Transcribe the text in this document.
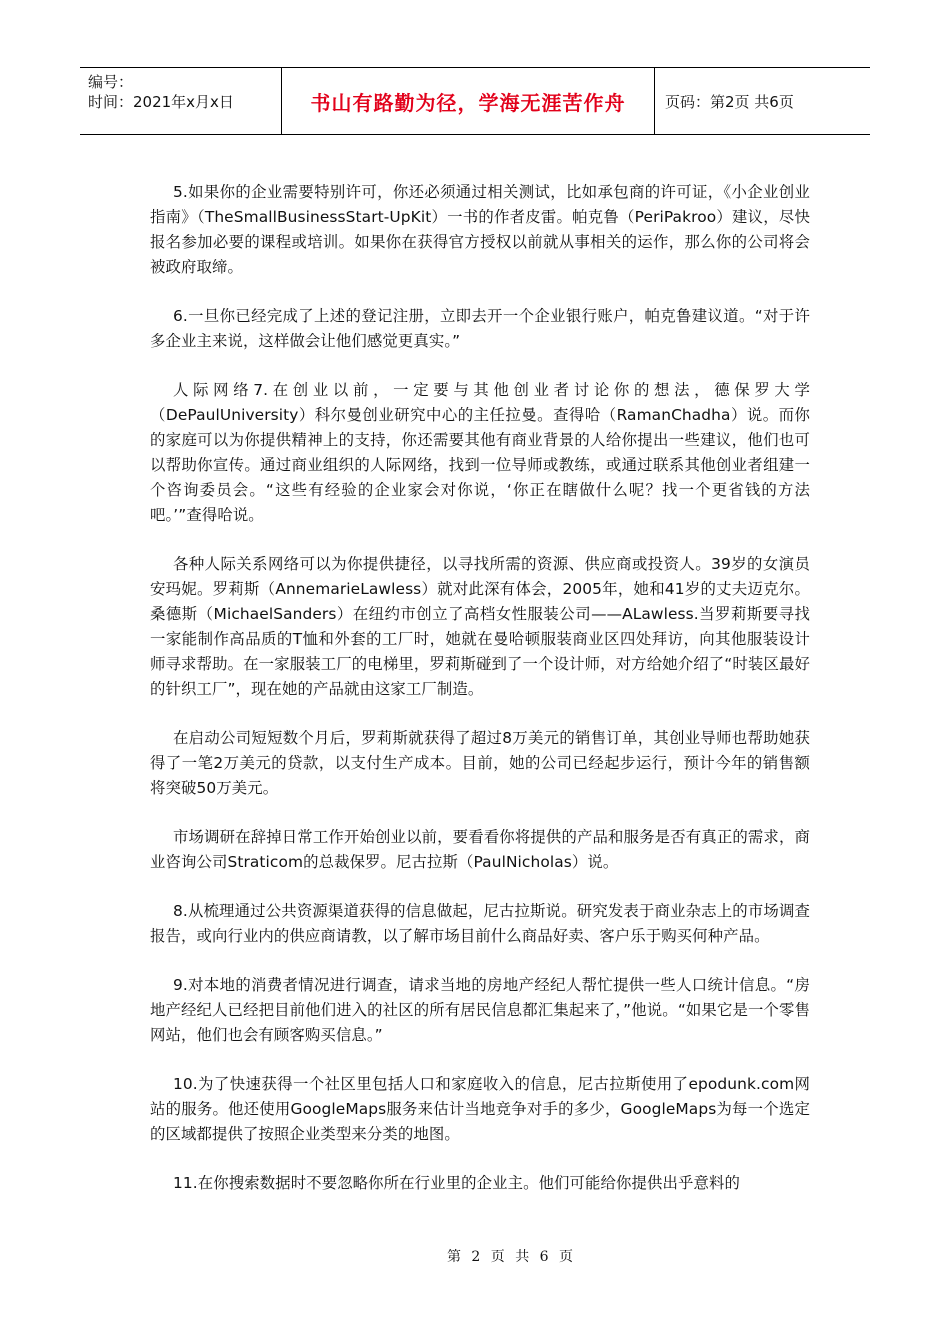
编号：
时间：2021年x月x日	书山有路勤为径，学海无涯苦作舟	页码：第2页 共6页

5.如果你的企业需要特别许可，你还必须通过相关测试，比如承包商的许可证，《小企业创业指南》（TheSmallBusinessStart-UpKit）一书的作者皮雷。帕克鲁（PeriPakroo）建议，尽快报名参加必要的课程或培训。如果你在获得官方授权以前就从事相关的运作，那么你的公司将会被政府取缔。

6.一旦你已经完成了上述的登记注册，立即去开一个企业银行账户，帕克鲁建议道。“对于许多企业主来说，这样做会让他们感觉更真实。”

人际网络7.在创业以前，一定要与其他创业者讨论你的想法，德保罗大学（DePaulUniversity）科尔曼创业研究中心的主任拉曼。查得哈（RamanChadha）说。而你的家庭可以为你提供精神上的支持，你还需要其他有商业背景的人给你提出一些建议，他们也可以帮助你宣传。通过商业组织的人际网络，找到一位导师或教练，或通过联系其他创业者组建一个咨询委员会。“这些有经验的企业家会对你说，‘你正在瞎做什么呢？找一个更省钱的方法吧。’”查得哈说。

各种人际关系网络可以为你提供捷径，以寻找所需的资源、供应商或投资人。39岁的女演员安玛妮。罗莉斯（AnnemarieLawless）就对此深有体会，2005年，她和41岁的丈夫迈克尔。桑德斯（MichaelSanders）在纽约市创立了高档女性服装公司——ALawless.当罗莉斯要寻找一家能制作高品质的T恤和外套的工厂时，她就在曼哈顿服装商业区四处拜访，向其他服装设计师寻求帮助。在一家服装工厂的电梯里，罗莉斯碰到了一个设计师，对方给她介绍了“时装区最好的针织工厂”，现在她的产品就由这家工厂制造。

在启动公司短短数个月后，罗莉斯就获得了超过8万美元的销售订单，其创业导师也帮助她获得了一笔2万美元的贷款，以支付生产成本。目前，她的公司已经起步运行，预计今年的销售额将突破50万美元。

市场调研在辞掉日常工作开始创业以前，要看看你将提供的产品和服务是否有真正的需求，商业咨询公司Straticom的总裁保罗。尼古拉斯（PaulNicholas）说。

8.从梳理通过公共资源渠道获得的信息做起，尼古拉斯说。研究发表于商业杂志上的市场调查报告，或向行业内的供应商请教，以了解市场目前什么商品好卖、客户乐于购买何种产品。

9.对本地的消费者情况进行调查，请求当地的房地产经纪人帮忙提供一些人口统计信息。“房地产经纪人已经把目前他们进入的社区的所有居民信息都汇集起来了，”他说。“如果它是一个零售网站，他们也会有顾客购买信息。”

10.为了快速获得一个社区里包括人口和家庭收入的信息，尼古拉斯使用了epodunk.com网站的服务。他还使用GoogleMaps服务来估计当地竞争对手的多少，GoogleMaps为每一个选定的区域都提供了按照企业类型来分类的地图。

11.在你搜索数据时不要忽略你所在行业里的企业主。他们可能给你提供出乎意料的

第 2 页 共 6 页
